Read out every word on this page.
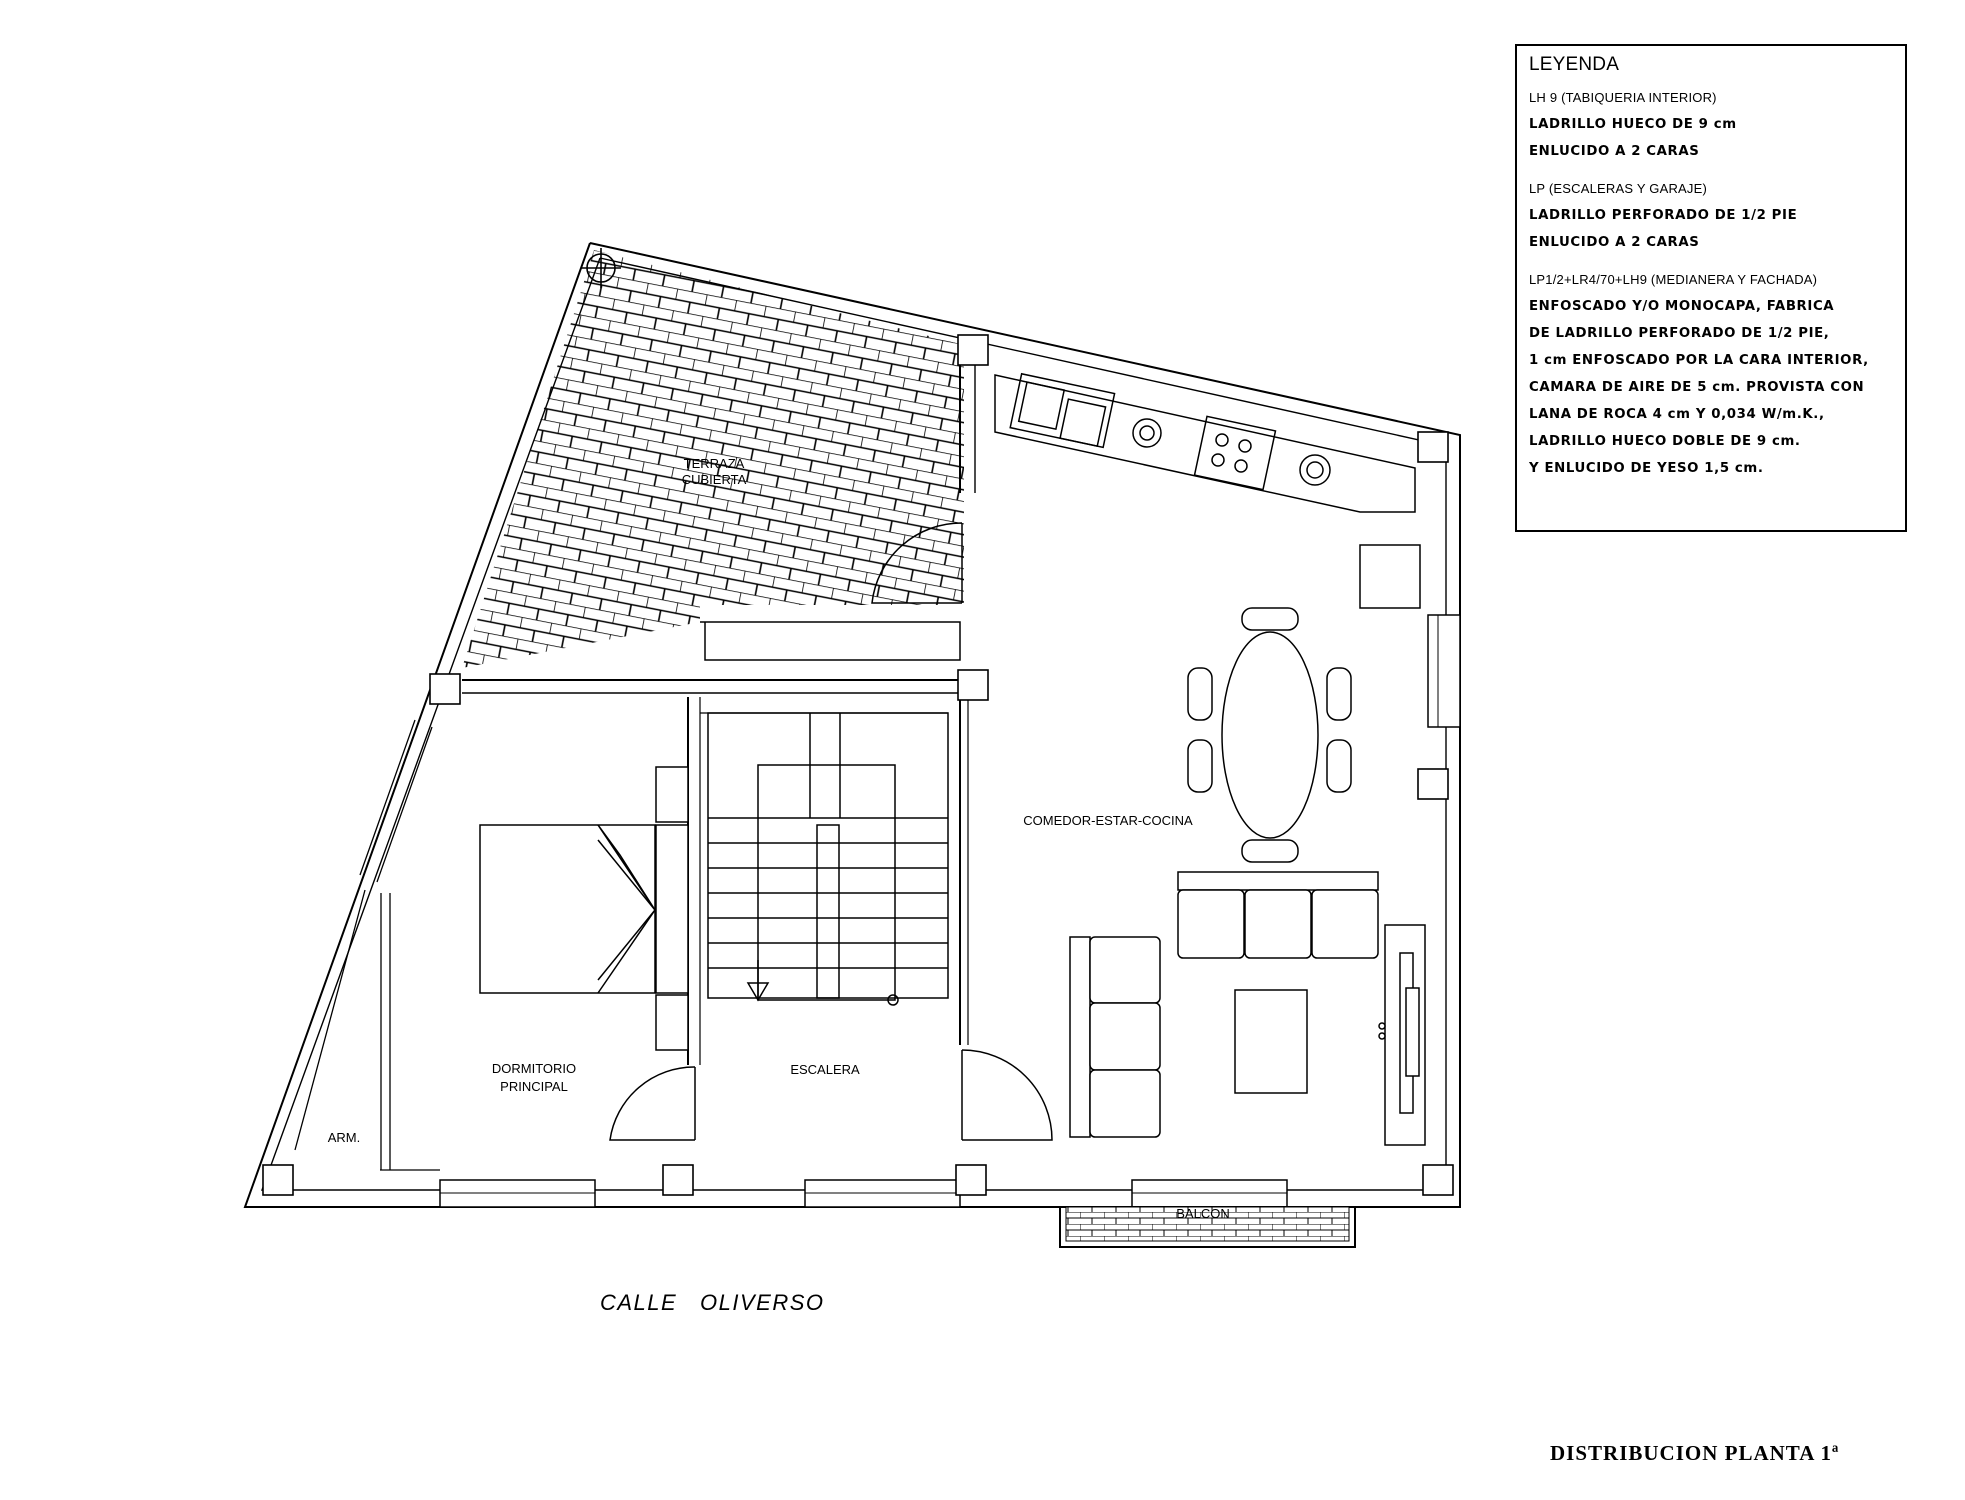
TERRAZA
CUBIERTA
COMEDOR-ESTAR-COCINA
DORMITORIO
PRINCIPAL
ESCALERA
ARM.
BALCON
LEYENDA
LH 9 (TABIQUERIA INTERIOR)
LADRILLO HUECO DE 9 cm
ENLUCIDO A 2 CARAS
LP (ESCALERAS Y GARAJE)
LADRILLO PERFORADO DE 1/2 PIE
ENLUCIDO A 2 CARAS
LP1/2+LR4/70+LH9 (MEDIANERA Y FACHADA)
ENFOSCADO Y/O MONOCAPA, FABRICA
DE LADRILLO PERFORADO DE 1/2 PIE,
1 cm ENFOSCADO POR LA CARA INTERIOR,
CAMARA DE AIRE DE 5 cm. PROVISTA CON
LANA DE ROCA 4 cm Y 0,034 W/m.K.,
LADRILLO HUECO DOBLE DE 9 cm.
Y ENLUCIDO DE YESO 1,5 cm.
CALLE   OLIVERSO
DISTRIBUCION PLANTA 1ª
